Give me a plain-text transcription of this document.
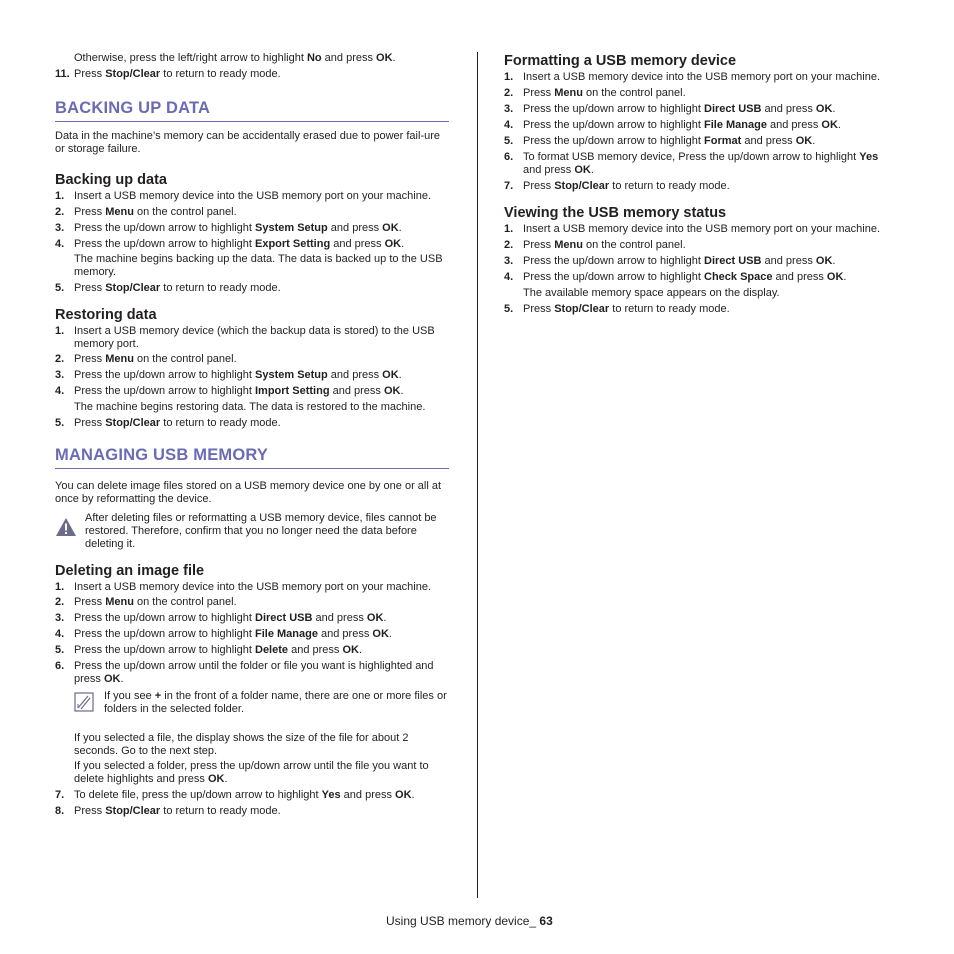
Otherwise, press the left/right arrow to highlight No and press OK.
11. Press Stop/Clear to return to ready mode.
BACKING UP DATA

Data in the machine’s memory can be accidentally erased due to power fail-ure or storage failure.

Backing up data
1. Insert a USB memory device into the USB memory port on your machine.
2. Press Menu on the control panel.
3. Press the up/down arrow to highlight System Setup and press OK.
4. Press the up/down arrow to highlight Export Setting and press OK.
The machine begins backing up the data. The data is backed up to the USB memory.
5. Press Stop/Clear to return to ready mode.
Restoring data
1. Insert a USB memory device (which the backup data is stored) to the USB memory port.
2. Press Menu on the control panel.
3. Press the up/down arrow to highlight System Setup and press OK.
4. Press the up/down arrow to highlight Import Setting and press OK.
The machine begins restoring data. The data is restored to the machine.
5. Press Stop/Clear to return to ready mode.
MANAGING USB MEMORY

You can delete image files stored on a USB memory device one by one or all at once by reformatting the device.

After deleting files or reformatting a USB memory device, files cannot be restored. Therefore, confirm that you no longer need the data before deleting it.

Deleting an image file
1. Insert a USB memory device into the USB memory port on your machine.
2. Press Menu on the control panel.
3. Press the up/down arrow to highlight Direct USB and press OK.
4. Press the up/down arrow to highlight File Manage and press OK.
5. Press the up/down arrow to highlight Delete and press OK.
6. Press the up/down arrow until the folder or file you want is highlighted and press OK.

If you see + in the front of a folder name, there are one or more files or folders in the selected folder.

If you selected a file, the display shows the size of the file for about 2 seconds. Go to the next step.
If you selected a folder, press the up/down arrow until the file you want to delete highlights and press OK.
7. To delete file, press the up/down arrow to highlight Yes and press OK.
8. Press Stop/Clear to return to ready mode.
Formatting a USB memory device
1. Insert a USB memory device into the USB memory port on your machine.
2. Press Menu on the control panel.
3. Press the up/down arrow to highlight Direct USB and press OK.
4. Press the up/down arrow to highlight File Manage and press OK.
5. Press the up/down arrow to highlight Format and press OK.
6. To format USB memory device, Press the up/down arrow to highlight Yes and press OK.
7. Press Stop/Clear to return to ready mode.
Viewing the USB memory status
1. Insert a USB memory device into the USB memory port on your machine.
2. Press Menu on the control panel.
3. Press the up/down arrow to highlight Direct USB and press OK.
4. Press the up/down arrow to highlight Check Space and press OK.
The available memory space appears on the display.
5. Press Stop/Clear to return to ready mode.
Using USB memory device_ 63
